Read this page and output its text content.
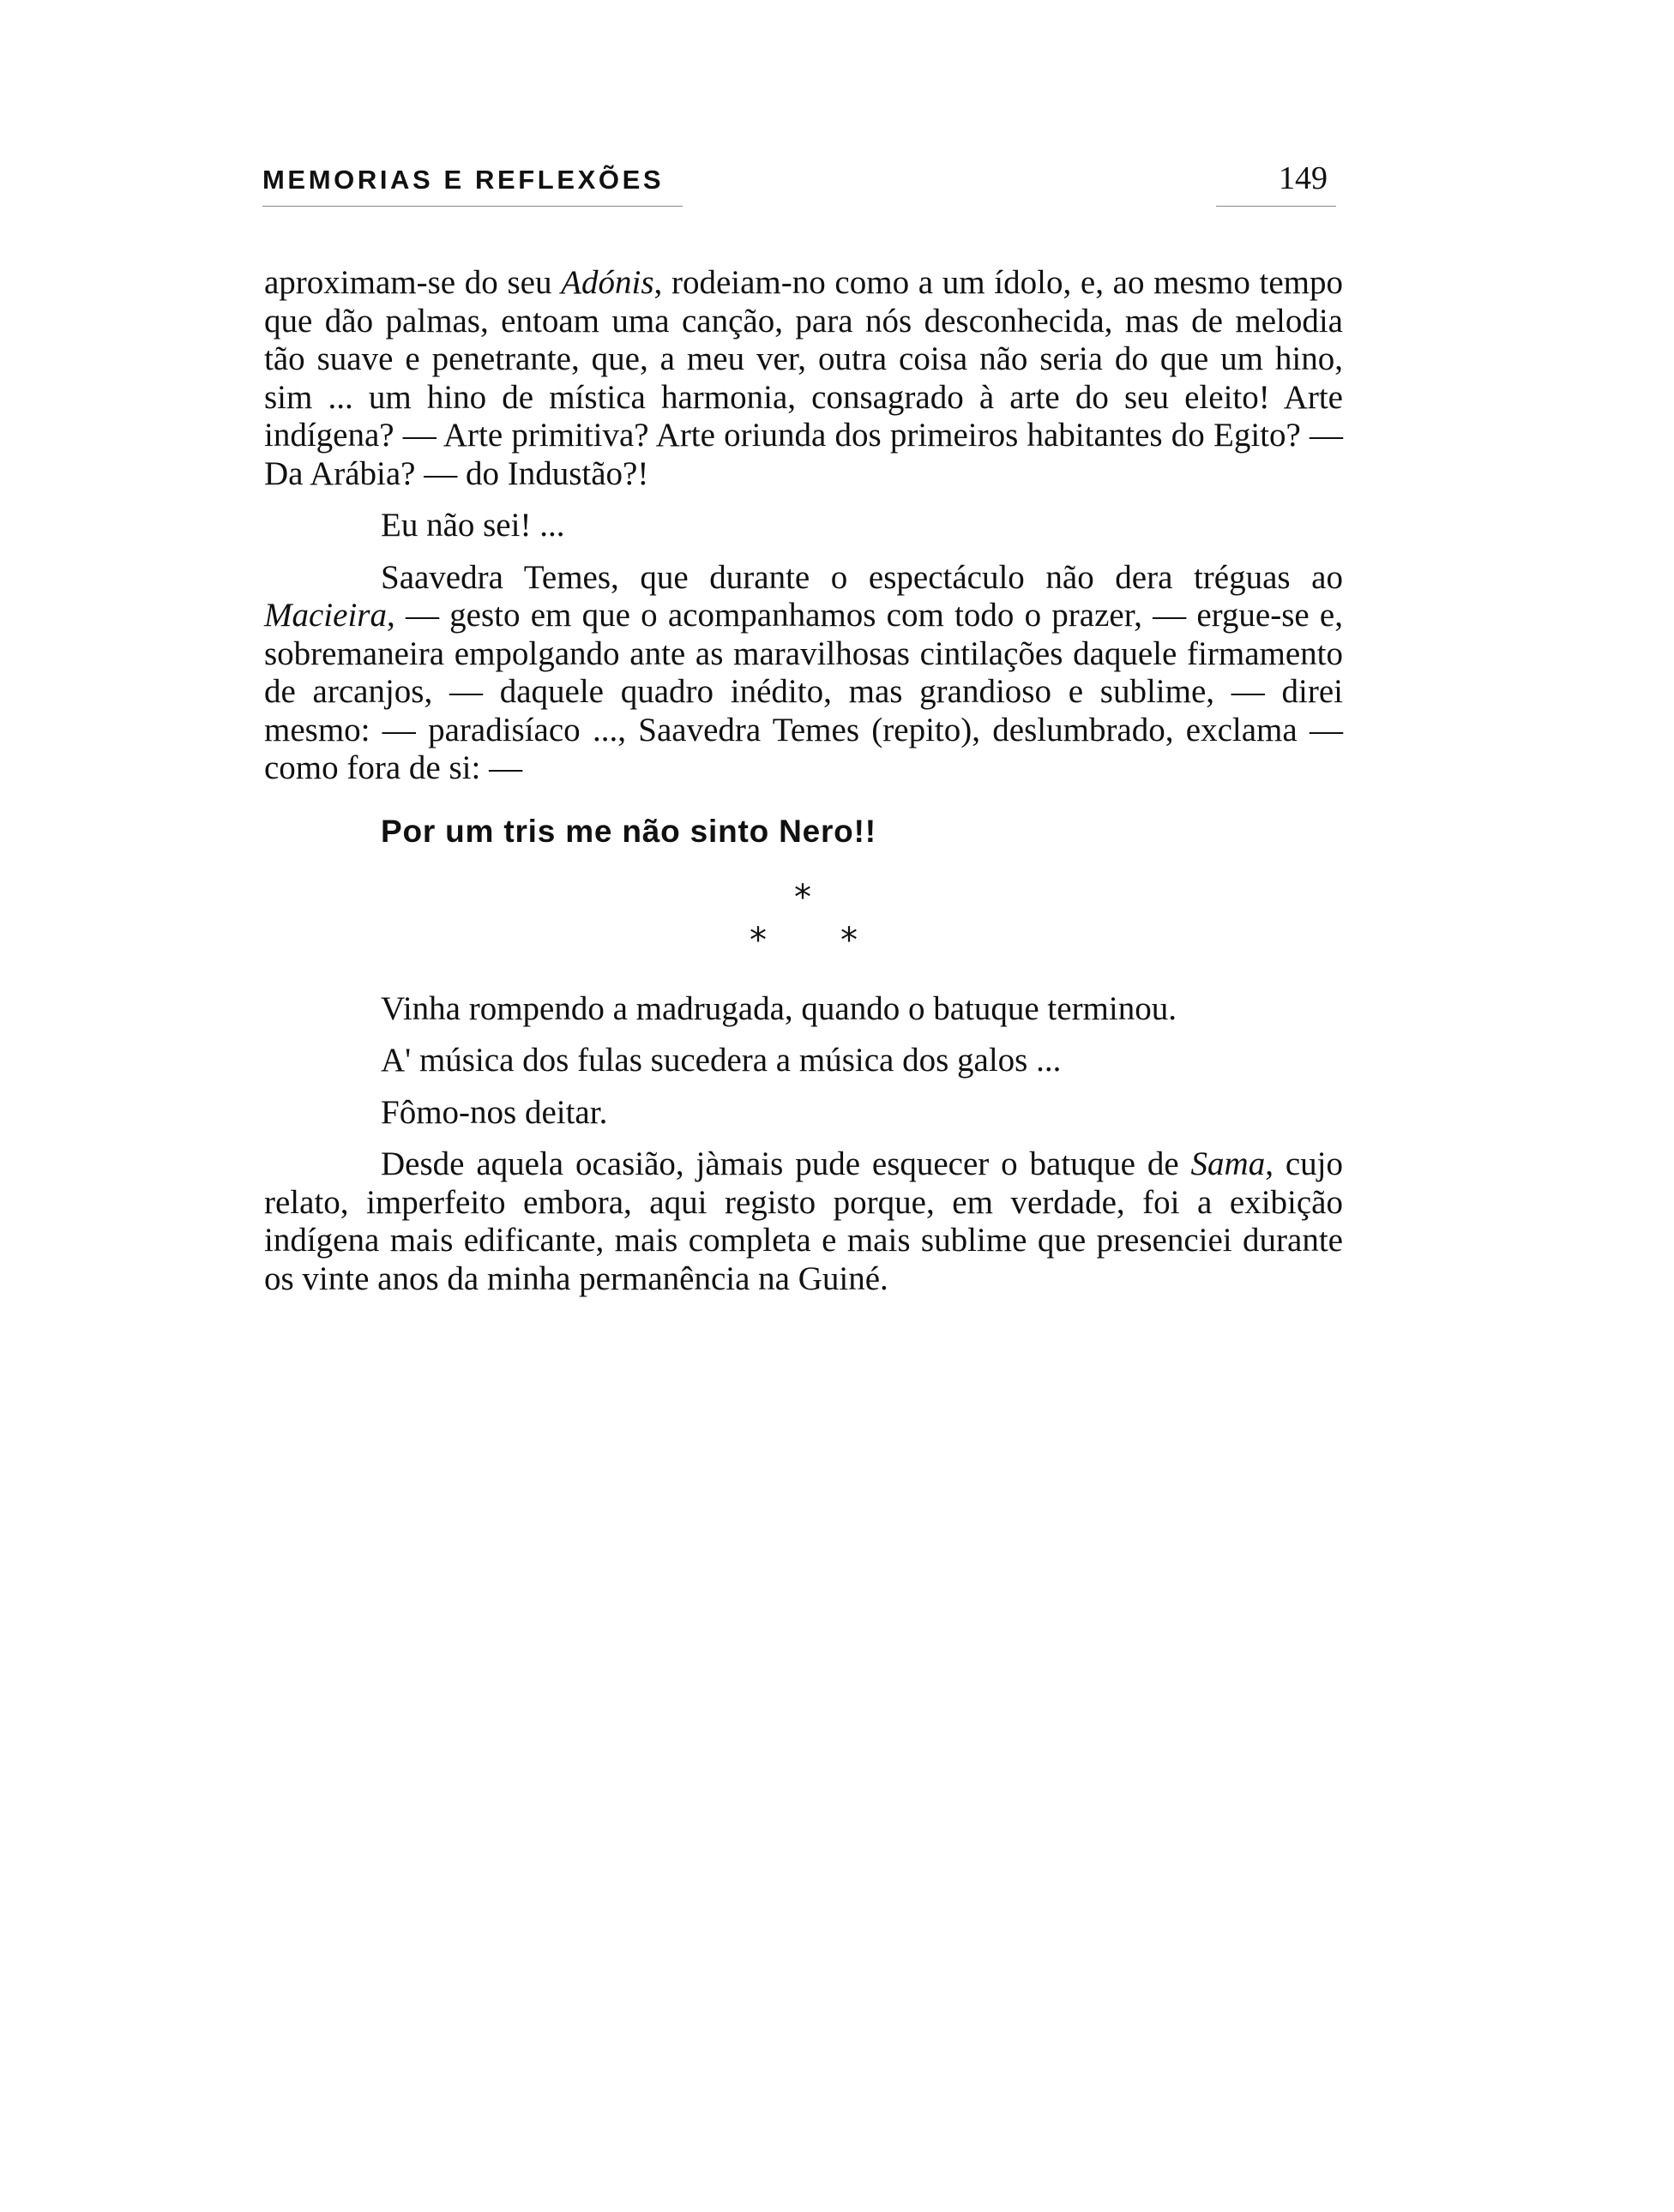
MEMORIAS E REFLEXÕES	149

aproximam-se do seu Adónis, rodeiam-no como a um ídolo, e, ao mesmo tempo que dão palmas, entoam uma canção, para nós desconhecida, mas de melodia tão suave e penetrante, que, a meu ver, outra coisa não seria do que um hino, sim ... um hino de mística harmonia, consagrado à arte do seu eleito! Arte indígena? — Arte primitiva? Arte oriunda dos primeiros habitantes do Egito? — Da Arábia? — do Industão?!

Eu não sei! ...

Saavedra Temes, que durante o espectáculo não dera tréguas ao Macieira, — gesto em que o acompanhamos com todo o prazer, — ergue-se e, sobremaneira empolgando ante as maravilhosas cintilações daquele firmamento de arcanjos, — daquele quadro inédito, mas grandioso e sublime, — direi mesmo: — paradisíaco ..., Saavedra Temes (repito), deslumbrado, exclama — como fora de si: —

Por um tris me não sinto Nero!!

*
* *

Vinha rompendo a madrugada, quando o batuque terminou.

A' música dos fulas sucedera a música dos galos ...

Fômo-nos deitar.

Desde aquela ocasião, jàmais pude esquecer o batuque de Sama, cujo relato, imperfeito embora, aqui registo porque, em verdade, foi a exibição indígena mais edificante, mais completa e mais sublime que presenciei durante os vinte anos da minha permanência na Guiné.
